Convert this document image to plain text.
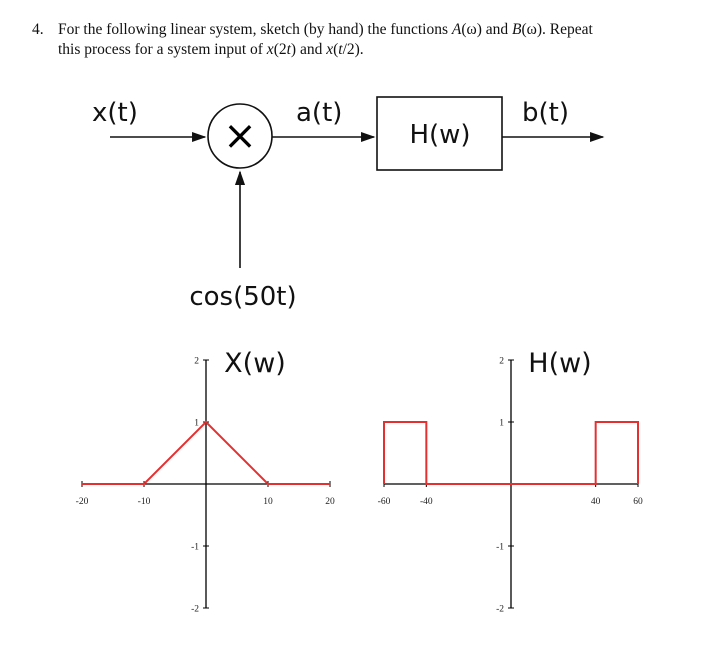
4. For the following linear system, sketch (by hand) the functions A(ω) and B(ω). Repeat
this process for a system input of x(2t) and x(t/2).
x(t) × a(t)
H(w)
b(t)
cos(50t)
-20	-10	10	20
2
1
-1
-2
X(w)
-60	-40	40	60
2
1
-1
-2
H(w)
